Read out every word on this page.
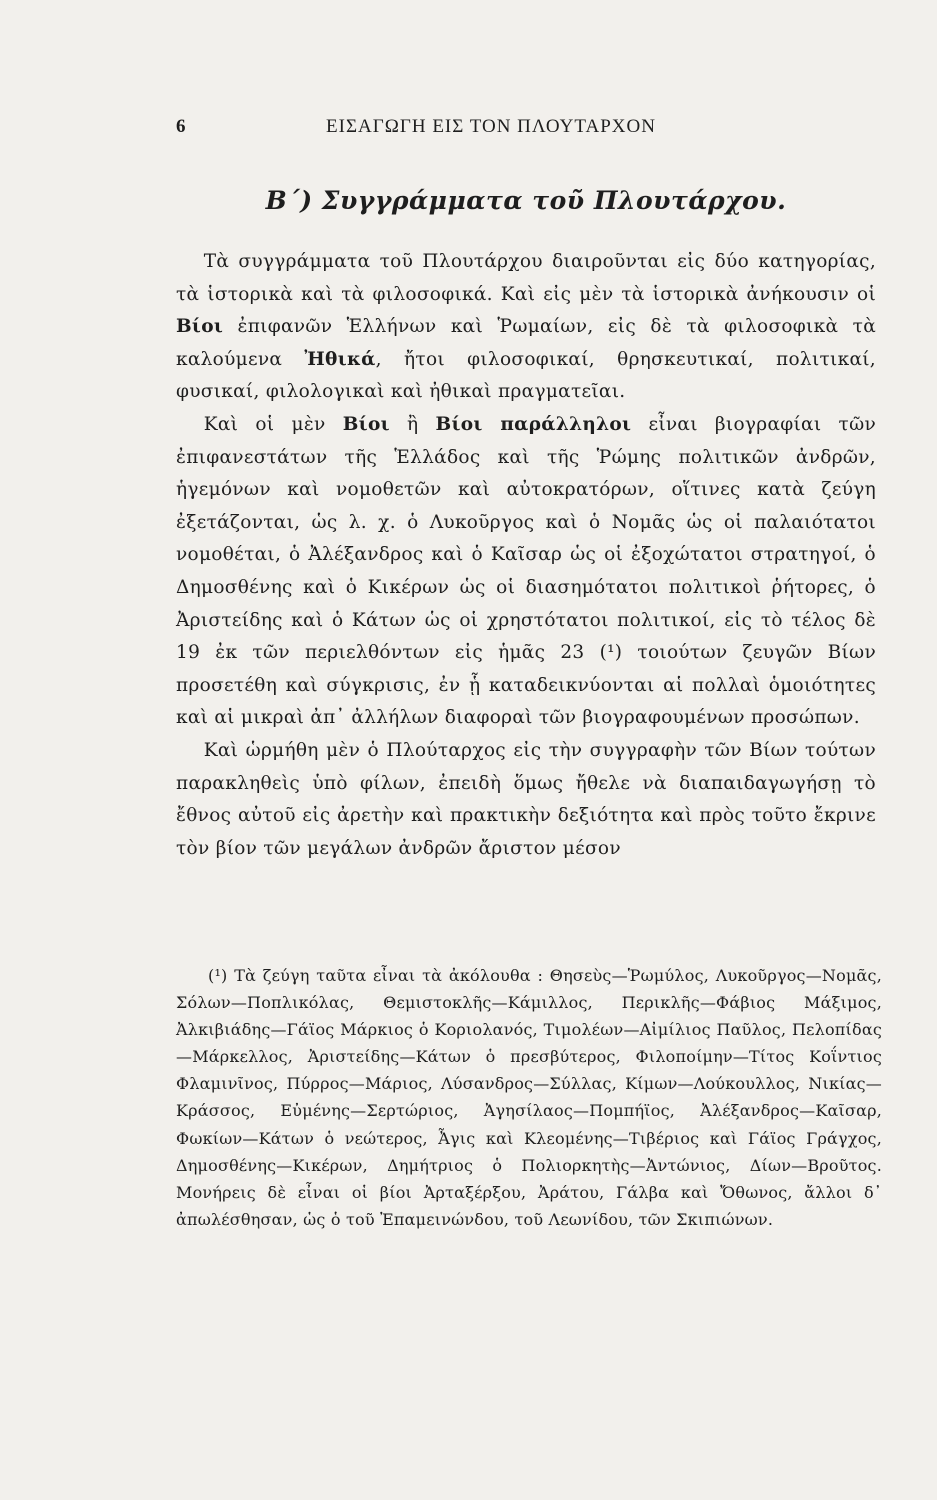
6	ΕΙΣΑΓΩΓΗ ΕΙΣ ΤΟΝ ΠΛΟΥΤΑΡΧΟΝ
Β΄) Συγγράμματα τοῦ Πλουτάρχου.

Τὰ συγγράμματα τοῦ Πλουτάρχου διαιροῦνται εἰς δύο κατηγορίας, τὰ ἱστορικὰ καὶ τὰ φιλοσοφικά. Καὶ εἰς μὲν τὰ ἱστορικὰ ἀνήκουσιν οἱ Βίοι ἐπιφανῶν Ἑλλήνων καὶ Ῥωμαίων, εἰς δὲ τὰ φιλοσοφικὰ τὰ καλούμενα Ἠθικά, ἤτοι φιλοσοφικαί, θρησκευτικαί, πολιτικαί, φυσικαί, φιλολογικαὶ καὶ ἠθικαὶ πραγματεῖαι.

Καὶ οἱ μὲν Βίοι ἢ Βίοι παράλληλοι εἶναι βιογραφίαι τῶν ἐπιφανεστάτων τῆς Ἑλλάδος καὶ τῆς Ῥώμης πολιτικῶν ἀνδρῶν, ἡγεμόνων καὶ νομοθετῶν καὶ αὐτοκρατόρων, οἵτινες κατὰ ζεύγη ἐξετάζονται, ὡς λ. χ. ὁ Λυκοῦργος καὶ ὁ Νομᾶς ὡς οἱ παλαιότατοι νομοθέται, ὁ Ἀλέξανδρος καὶ ὁ Καῖσαρ ὡς οἱ ἐξοχώτατοι στρατηγοί, ὁ Δημοσθένης καὶ ὁ Κικέρων ὡς οἱ διασημότατοι πολιτικοὶ ῥήτορες, ὁ Ἀριστείδης καὶ ὁ Κάτων ὡς οἱ χρηστότατοι πολιτικοί, εἰς τὸ τέλος δὲ 19 ἐκ τῶν περιελθόντων εἰς ἡμᾶς 23 (¹) τοιούτων ζευγῶν Βίων προσετέθη καὶ σύγκρισις, ἐν ᾗ καταδεικνύονται αἱ πολλαὶ ὁμοιότητες καὶ αἱ μικραὶ ἀπ᾿ ἀλλήλων διαφοραὶ τῶν βιογραφουμένων προσώπων.

Καὶ ὡρμήθη μὲν ὁ Πλούταρχος εἰς τὴν συγγραφὴν τῶν Βίων τούτων παρακληθεὶς ὑπὸ φίλων, ἐπειδὴ ὅμως ἤθελε νὰ διαπαιδαγωγήσῃ τὸ ἔθνος αὐτοῦ εἰς ἀρετὴν καὶ πρακτικὴν δεξιότητα καὶ πρὸς τοῦτο ἔκρινε τὸν βίον τῶν μεγάλων ἀνδρῶν ἄριστον μέσον

(¹) Τὰ ζεύγη ταῦτα εἶναι τὰ ἀκόλουθα : Θησεὺς—Ῥωμύλος, Λυκοῦργος—Νομᾶς, Σόλων—Ποπλικόλας, Θεμιστοκλῆς—Κάμιλλος, Περικλῆς—Φάβιος Μάξιμος, Ἀλκιβιάδης—Γάϊος Μάρκιος ὁ Κοριολανός, Τιμολέων—Αἰμίλιος Παῦλος, Πελοπίδας—Μάρκελλος, Ἀριστείδης—Κάτων ὁ πρεσβύτερος, Φιλοποίμην—Τίτος Κοΐντιος Φλαμινῖνος, Πύρρος—Μάριος, Λύσανδρος—Σύλλας, Κίμων—Λούκουλλος, Νικίας—Κράσσος, Εὐμένης—Σερτώριος, Ἀγησίλαος—Πομπήϊος, Ἀλέξανδρος—Καῖσαρ, Φωκίων—Κάτων ὁ νεώτερος, Ἆγις καὶ Κλεομένης—Τιβέριος καὶ Γάϊος Γράγχος, Δημοσθένης—Κικέρων, Δημήτριος ὁ Πολιορκητὴς—Ἀντώνιος, Δίων—Βροῦτος. Μονήρεις δὲ εἶναι οἱ βίοι Ἀρταξέρξου, Ἀράτου, Γάλβα καὶ Ὄθωνος, ἄλλοι δ᾿ ἀπωλέσθησαν, ὡς ὁ τοῦ Ἐπαμεινώνδου, τοῦ Λεωνίδου, τῶν Σκιπιώνων.
